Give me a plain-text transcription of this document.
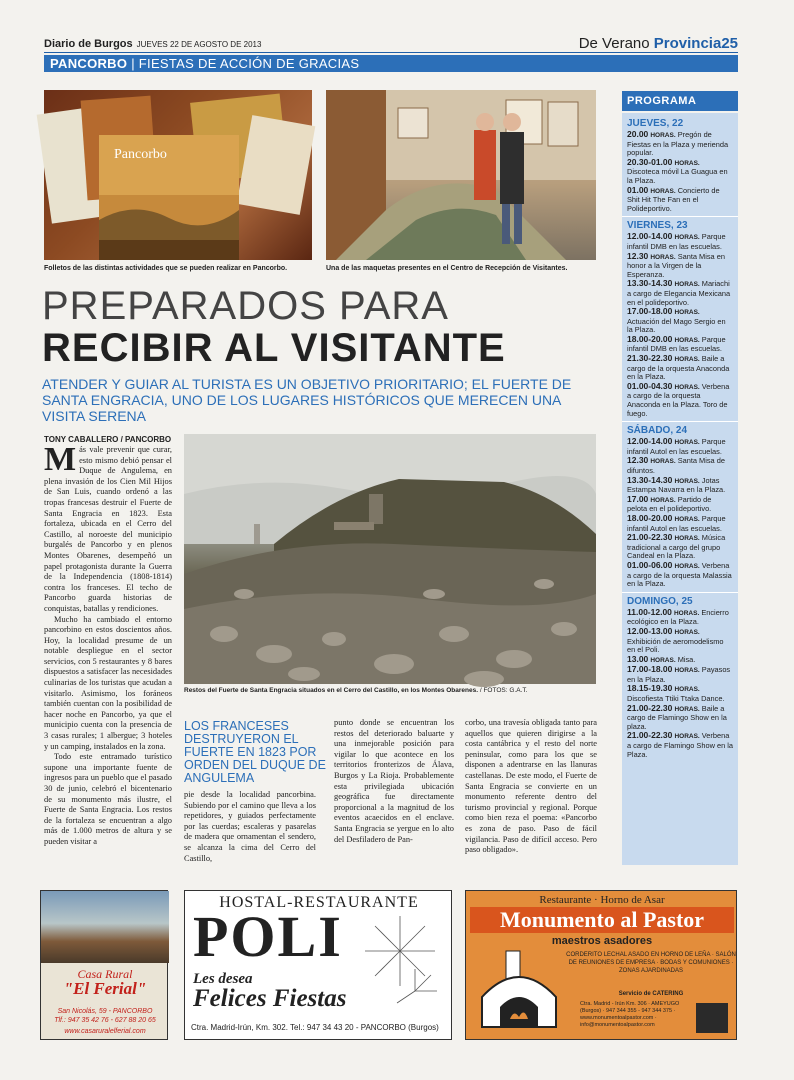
Diario de Burgos JUEVES 22 DE AGOSTO DE 2013	De Verano Provincia25
PANCORBO | FIESTAS DE ACCIÓN DE GRACIAS
Pancorbo
Folletos de las distintas actividades que se pueden realizar en Pancorbo.	Una de las maquetas presentes en el Centro de Recepción de Visitantes.
PREPARADOS PARA
RECIBIR AL VISITANTE
ATENDER Y GUIAR AL TURISTA ES UN OBJETIVO PRIORITARIO; EL FUERTE DE SANTA ENGRACIA, UNO DE LOS LUGARES HISTÓRICOS QUE MERECEN UNA VISITA SERENA
TONY CABALLERO / PANCORBO
Más vale prevenir que curar, esto mismo debió pensar el Duque de Angulema, en plena invasión de los Cien Mil Hijos de San Luis, cuando ordenó a las tropas francesas destruir el Fuerte de Santa Engracia en 1823. Esta fortaleza, ubicada en el Cerro del Castillo, al noroeste del municipio burgalés de Pancorbo y en plenos Montes Obarenes, desempeñó un papel protagonista durante la Guerra de la Independencia (1808-1814) contra los franceses. El techo de Pancorbo guarda historias de conquistas, batallas y rendiciones.
Mucho ha cambiado el entorno pancorbino en estos doscientos años. Hoy, la localidad presume de un notable despliegue en el sector servicios, con 5 restaurantes y 8 bares dispuestos a satisfacer las necesidades culinarias de los turistas que acudan a visitarlo. Asimismo, los foráneos también cuentan con la posibilidad de hacer noche en Pancorbo, ya que el municipio cuenta con la presencia de 3 casas rurales; 1 albergue; 3 hoteles y un camping, instalados en la zona.
Todo este entramado turístico supone una importante fuente de ingresos para un pueblo que el pasado 30 de junio, celebró el bicentenario de su monumento más ilustre, el Fuerte de Santa Engracia. Los restos de la fortaleza se encuentran a algo más de 1.000 metros de altura y se pueden visitar a
Restos del Fuerte de Santa Engracia situados en el Cerro del Castillo, en los Montes Obarenes. / FOTOS: G.A.T.
LOS FRANCESES DESTRUYERON EL FUERTE EN 1823 POR ORDEN DEL DUQUE DE ANGULEMA
pie desde la localidad pancorbina. Subiendo por el camino que lleva a los repetidores, y guiados perfectamente por las cuerdas; escaleras y pasarelas de madera que ornamentan el sendero, se alcanza la cima del Cerro del Castillo,
punto donde se encuentran los restos del deteriorado baluarte y una inmejorable posición para vigilar lo que acontece en los territorios fronterizos de Álava, Burgos y La Rioja. Probablemente esta privilegiada ubicación geográfica fue directamente proporcional a la magnitud de los eventos acaecidos en el enclave. Santa Engracia se yergue en lo alto del Desfiladero de Pan-
corbo, una travesía obligada tanto para aquellos que quieren dirigirse a la costa cantábrica y el resto del norte peninsular, como para los que se disponen a adentrarse en las llanuras castellanas. De este modo, el Fuerte de Santa Engracia se convierte en un monumento referente dentro del turismo provincial y regional. Porque como bien reza el poema: «Pancorbo es zona de paso. Paso de fácil vigilancia. Paso de difícil acceso. Pero paso obligado».
PROGRAMA
JUEVES, 22
20.00 HORAS. Pregón de Fiestas en la Plaza y merienda popular.
20.30-01.00 HORAS. Discoteca móvil La Guagua en la Plaza.
01.00 HORAS. Concierto de Shit Hit The Fan en el Polideportivo.
VIERNES, 23
12.00-14.00 HORAS. Parque infantil DMB en las escuelas.
12.30 HORAS. Santa Misa en honor a la Virgen de la Esperanza.
13.30-14.30 HORAS. Mariachi a cargo de Elegancia Mexicana en el polideportivo.
17.00-18.00 HORAS. Actuación del Mago Sergio en la Plaza.
18.00-20.00 HORAS. Parque infantil DMB en las escuelas.
21.30-22.30 HORAS. Baile a cargo de la orquesta Anaconda en la Plaza.
01.00-04.30 HORAS. Verbena a cargo de la orquesta Anaconda en la Plaza. Toro de fuego.
SÁBADO, 24
12.00-14.00 HORAS. Parque infantil Autol en las escuelas.
12.30 HORAS. Santa Misa de difuntos.
13.30-14.30 HORAS. Jotas Estampa Navarra en la Plaza.
17.00 HORAS. Partido de pelota en el polideportivo.
18.00-20.00 HORAS. Parque infantil Autol en las escuelas.
21.00-22.30 HORAS. Música tradicional a cargo del grupo Candeal en la Plaza.
01.00-06.00 HORAS. Verbena a cargo de la orquesta Malassia en la Plaza.
DOMINGO, 25
11.00-12.00 HORAS. Encierro ecológico en la Plaza.
12.00-13.00 HORAS. Exhibición de aeromodelismo en el Poli.
13.00 HORAS. Misa.
17.00-18.00 HORAS. Payasos en la Plaza.
18.15-19.30 HORAS. Discofiesta Ttiki Ttaka Dance.
21.00-22.30 HORAS. Baile a cargo de Flamingo Show en la plaza.
21.00-22.30 HORAS. Verbena a cargo de Flamingo Show en la Plaza.
Casa Rural
"El Ferial"
San Nicolás, 59 - PANCORBO
Tlf.: 947 35 42 76 - 627 88 20 65
www.casaruralelferial.com
HOSTAL-RESTAURANTE
POLI
Les desea
Felices Fiestas
Ctra. Madrid-Irún, Km. 302. Tel.: 947 34 43 20 - PANCORBO (Burgos)
Restaurante · Horno de Asar
Monumento al Pastor
maestros asadores
CORDERITO LECHAL ASADO EN HORNO DE LEÑA · SALÓN DE REUNIONES DE EMPRESA · BODAS Y COMUNIONES · ZONAS AJARDINADAS
Servicio de CATERING
Ctra. Madrid - Irún Km. 306 · AMEYUGO (Burgos) · 947 344 355 - 947 344 375 · www.monumentoalpastor.com · info@monumentoalpastor.com
